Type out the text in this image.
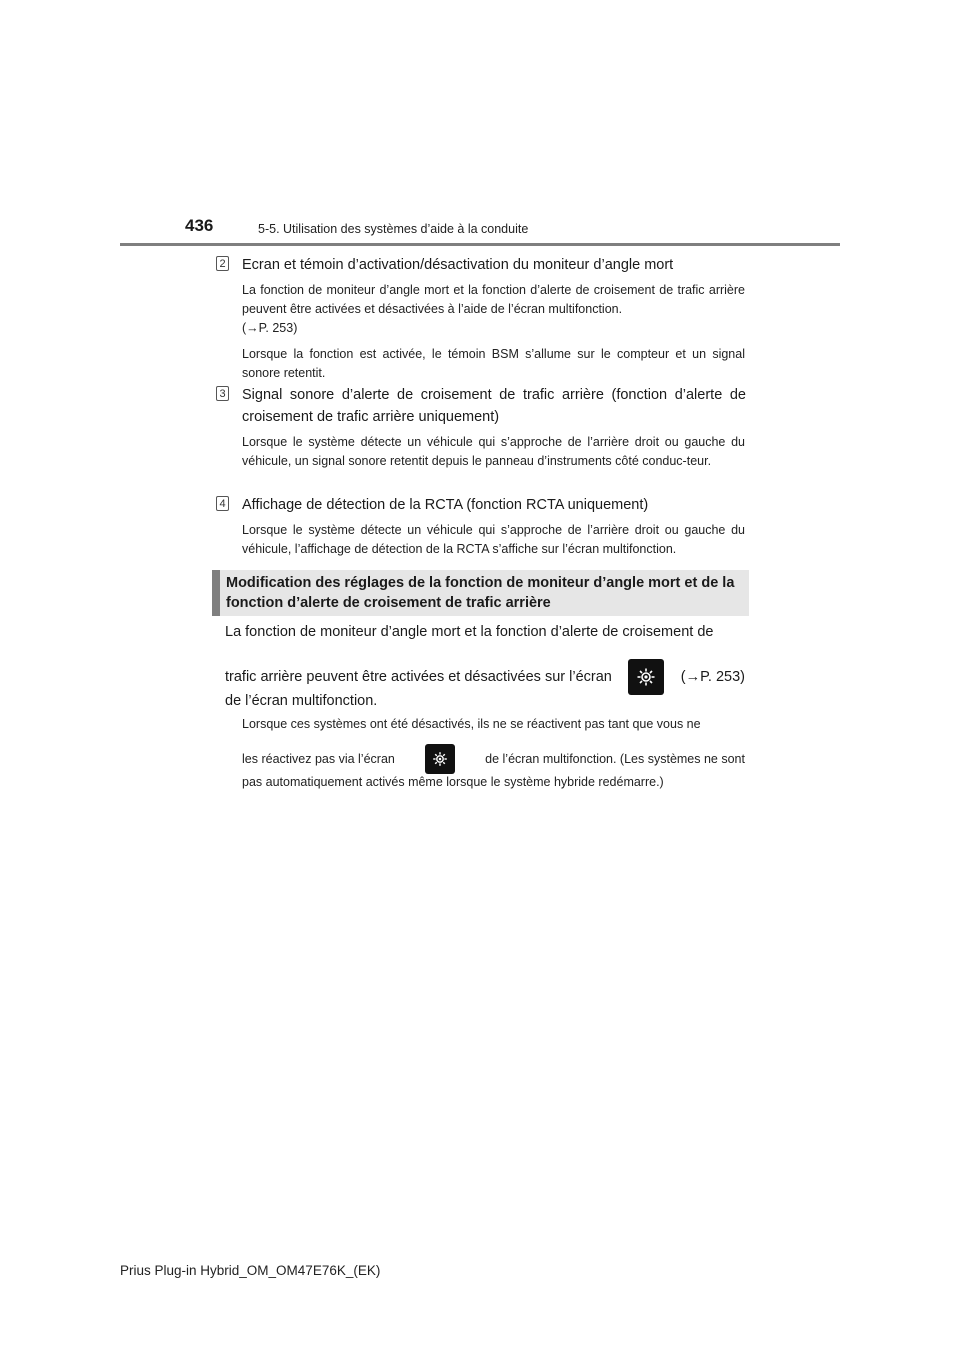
436	5-5. Utilisation des systèmes d’aide à la conduite
2 Ecran et témoin d’activation/désactivation du moniteur d’angle mort

La fonction de moniteur d’angle mort et la fonction d’alerte de croisement de trafic arrière peuvent être activées et désactivées à l’aide de l’écran multifonction.

(→P. 253)

Lorsque la fonction est activée, le témoin BSM s’allume sur le compteur et un signal sonore retentit.

3 Signal sonore d’alerte de croisement de trafic arrière (fonction d’alerte de croisement de trafic arrière uniquement)

Lorsque le système détecte un véhicule qui s’approche de l’arrière droit ou gauche du véhicule, un signal sonore retentit depuis le panneau d’instruments côté conduc-teur.

4 Affichage de détection de la RCTA (fonction RCTA uniquement)

Lorsque le système détecte un véhicule qui s’approche de l’arrière droit ou gauche du véhicule, l’affichage de détection de la RCTA s’affiche sur l’écran multifonction.

Modification des réglages de la fonction de moniteur d’angle mort et de la fonction d’alerte de croisement de trafic arrière
La fonction de moniteur d’angle mort et la fonction d’alerte de croisement de
trafic arrière peuvent être activées et désactivées sur l’écran	(→P. 253)
de l’écran multifonction.
Lorsque ces systèmes ont été désactivés, ils ne se réactivent pas tant que vous ne
les réactivez pas via l’écran	de l’écran multifonction. (Les systèmes ne sont
pas automatiquement activés même lorsque le système hybride redémarre.)
Prius Plug-in Hybrid_OM_OM47E76K_(EK)
